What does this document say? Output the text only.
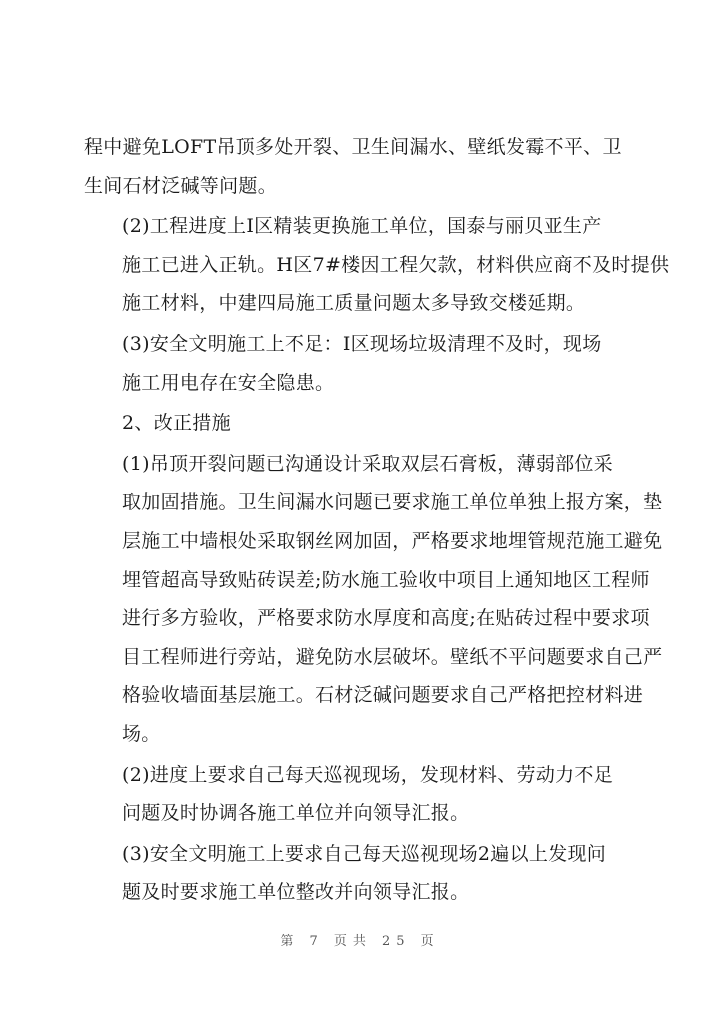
程中避免LOFT吊顶多处开裂、卫生间漏水、壁纸发霉不平、卫
生间石材泛碱等问题。

(2)工程进度上I区精装更换施工单位，国泰与丽贝亚生产
施工已进入正轨。H区7#楼因工程欠款，材料供应商不及时提供
施工材料，中建四局施工质量问题太多导致交楼延期。

(3)安全文明施工上不足：I区现场垃圾清理不及时，现场
施工用电存在安全隐患。

2、改正措施

(1)吊顶开裂问题已沟通设计采取双层石膏板，薄弱部位采
取加固措施。卫生间漏水问题已要求施工单位单独上报方案，垫
层施工中墙根处采取钢丝网加固，严格要求地埋管规范施工避免
埋管超高导致贴砖误差;防水施工验收中项目上通知地区工程师
进行多方验收，严格要求防水厚度和高度;在贴砖过程中要求项
目工程师进行旁站，避免防水层破坏。壁纸不平问题要求自己严
格验收墙面基层施工。石材泛碱问题要求自己严格把控材料进
场。

(2)进度上要求自己每天巡视现场，发现材料、劳动力不足
问题及时协调各施工单位并向领导汇报。

(3)安全文明施工上要求自己每天巡视现场2遍以上发现问
题及时要求施工单位整改并向领导汇报。

第 7 页共 25 页
